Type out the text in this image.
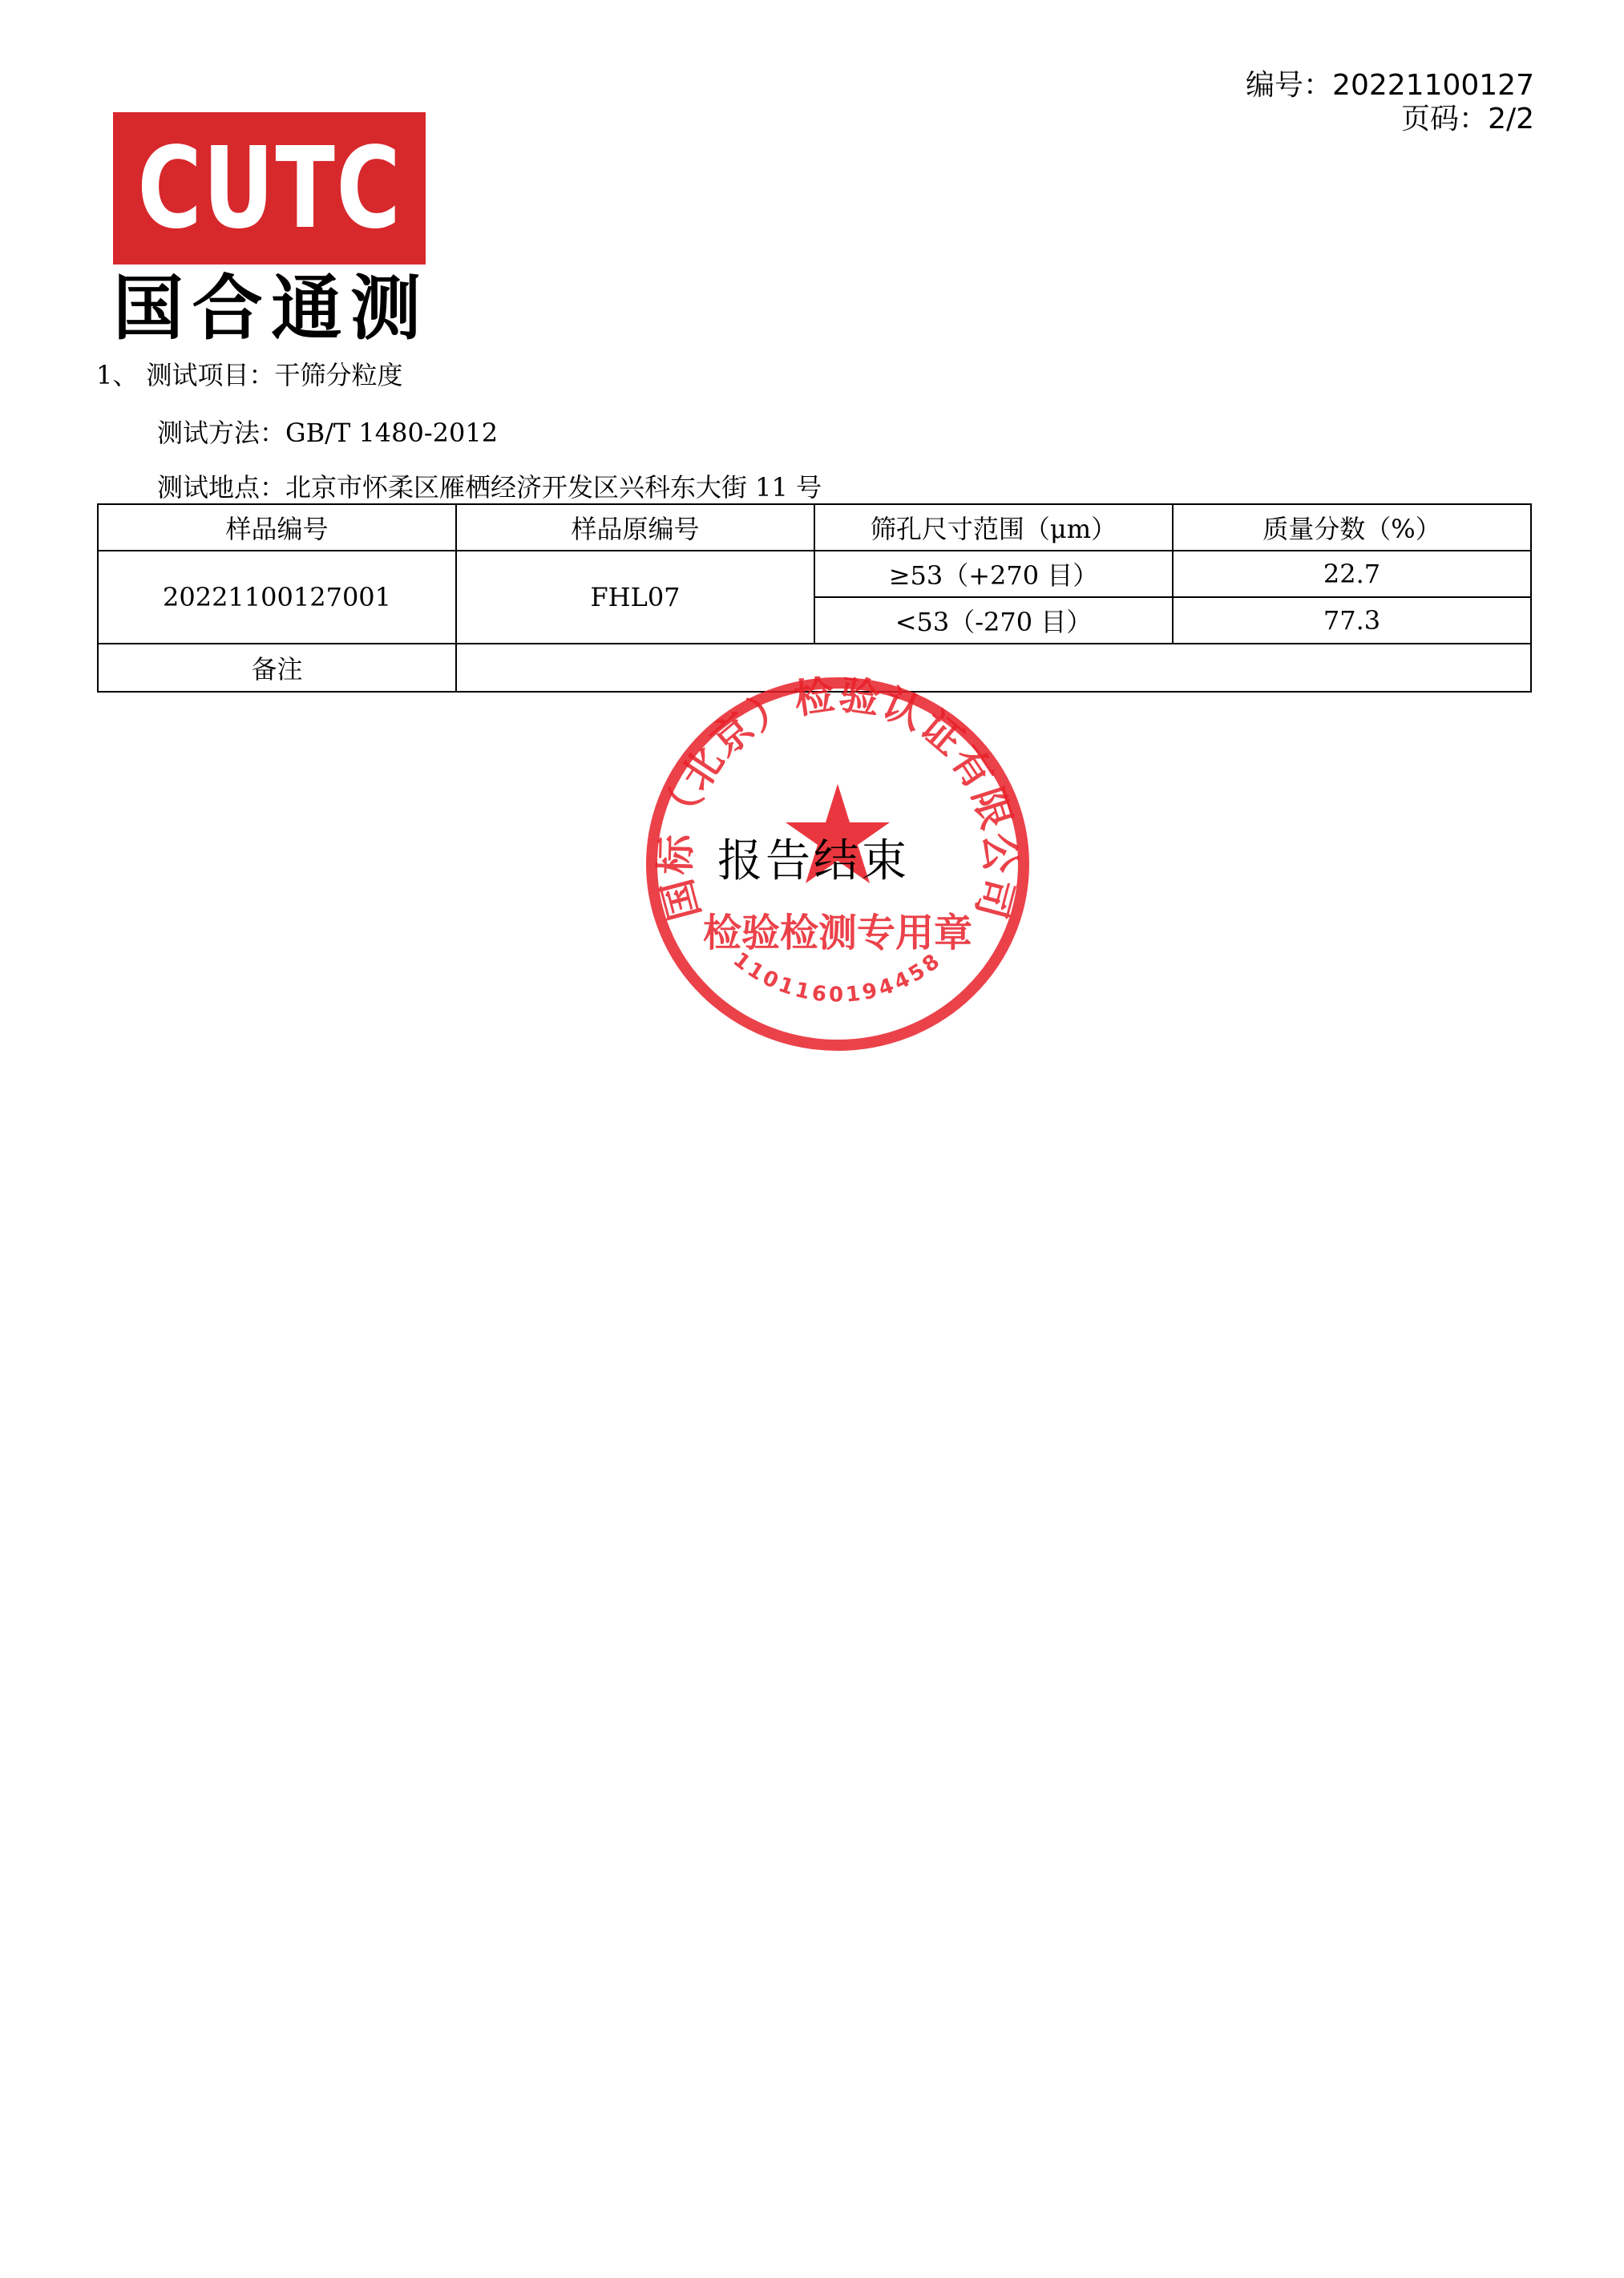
编号：20221100127
页码：2/2
CUTC
国 合 通 测
1、 测试项目：干筛分粒度
测试方法：GB/T 1480-2012
测试地点：北京市怀柔区雁栖经济开发区兴科东大街 11 号
样品编号	样品原编号	筛孔尺寸范围（μm）	质量分数（%）
20221100127001	FHL07	≥53（+270 目）	22.7
		<53（-270 目）	77.3
备注			
国标（北京）检验认证有限公司
检验检测专用章
1101160194458
报告结束
